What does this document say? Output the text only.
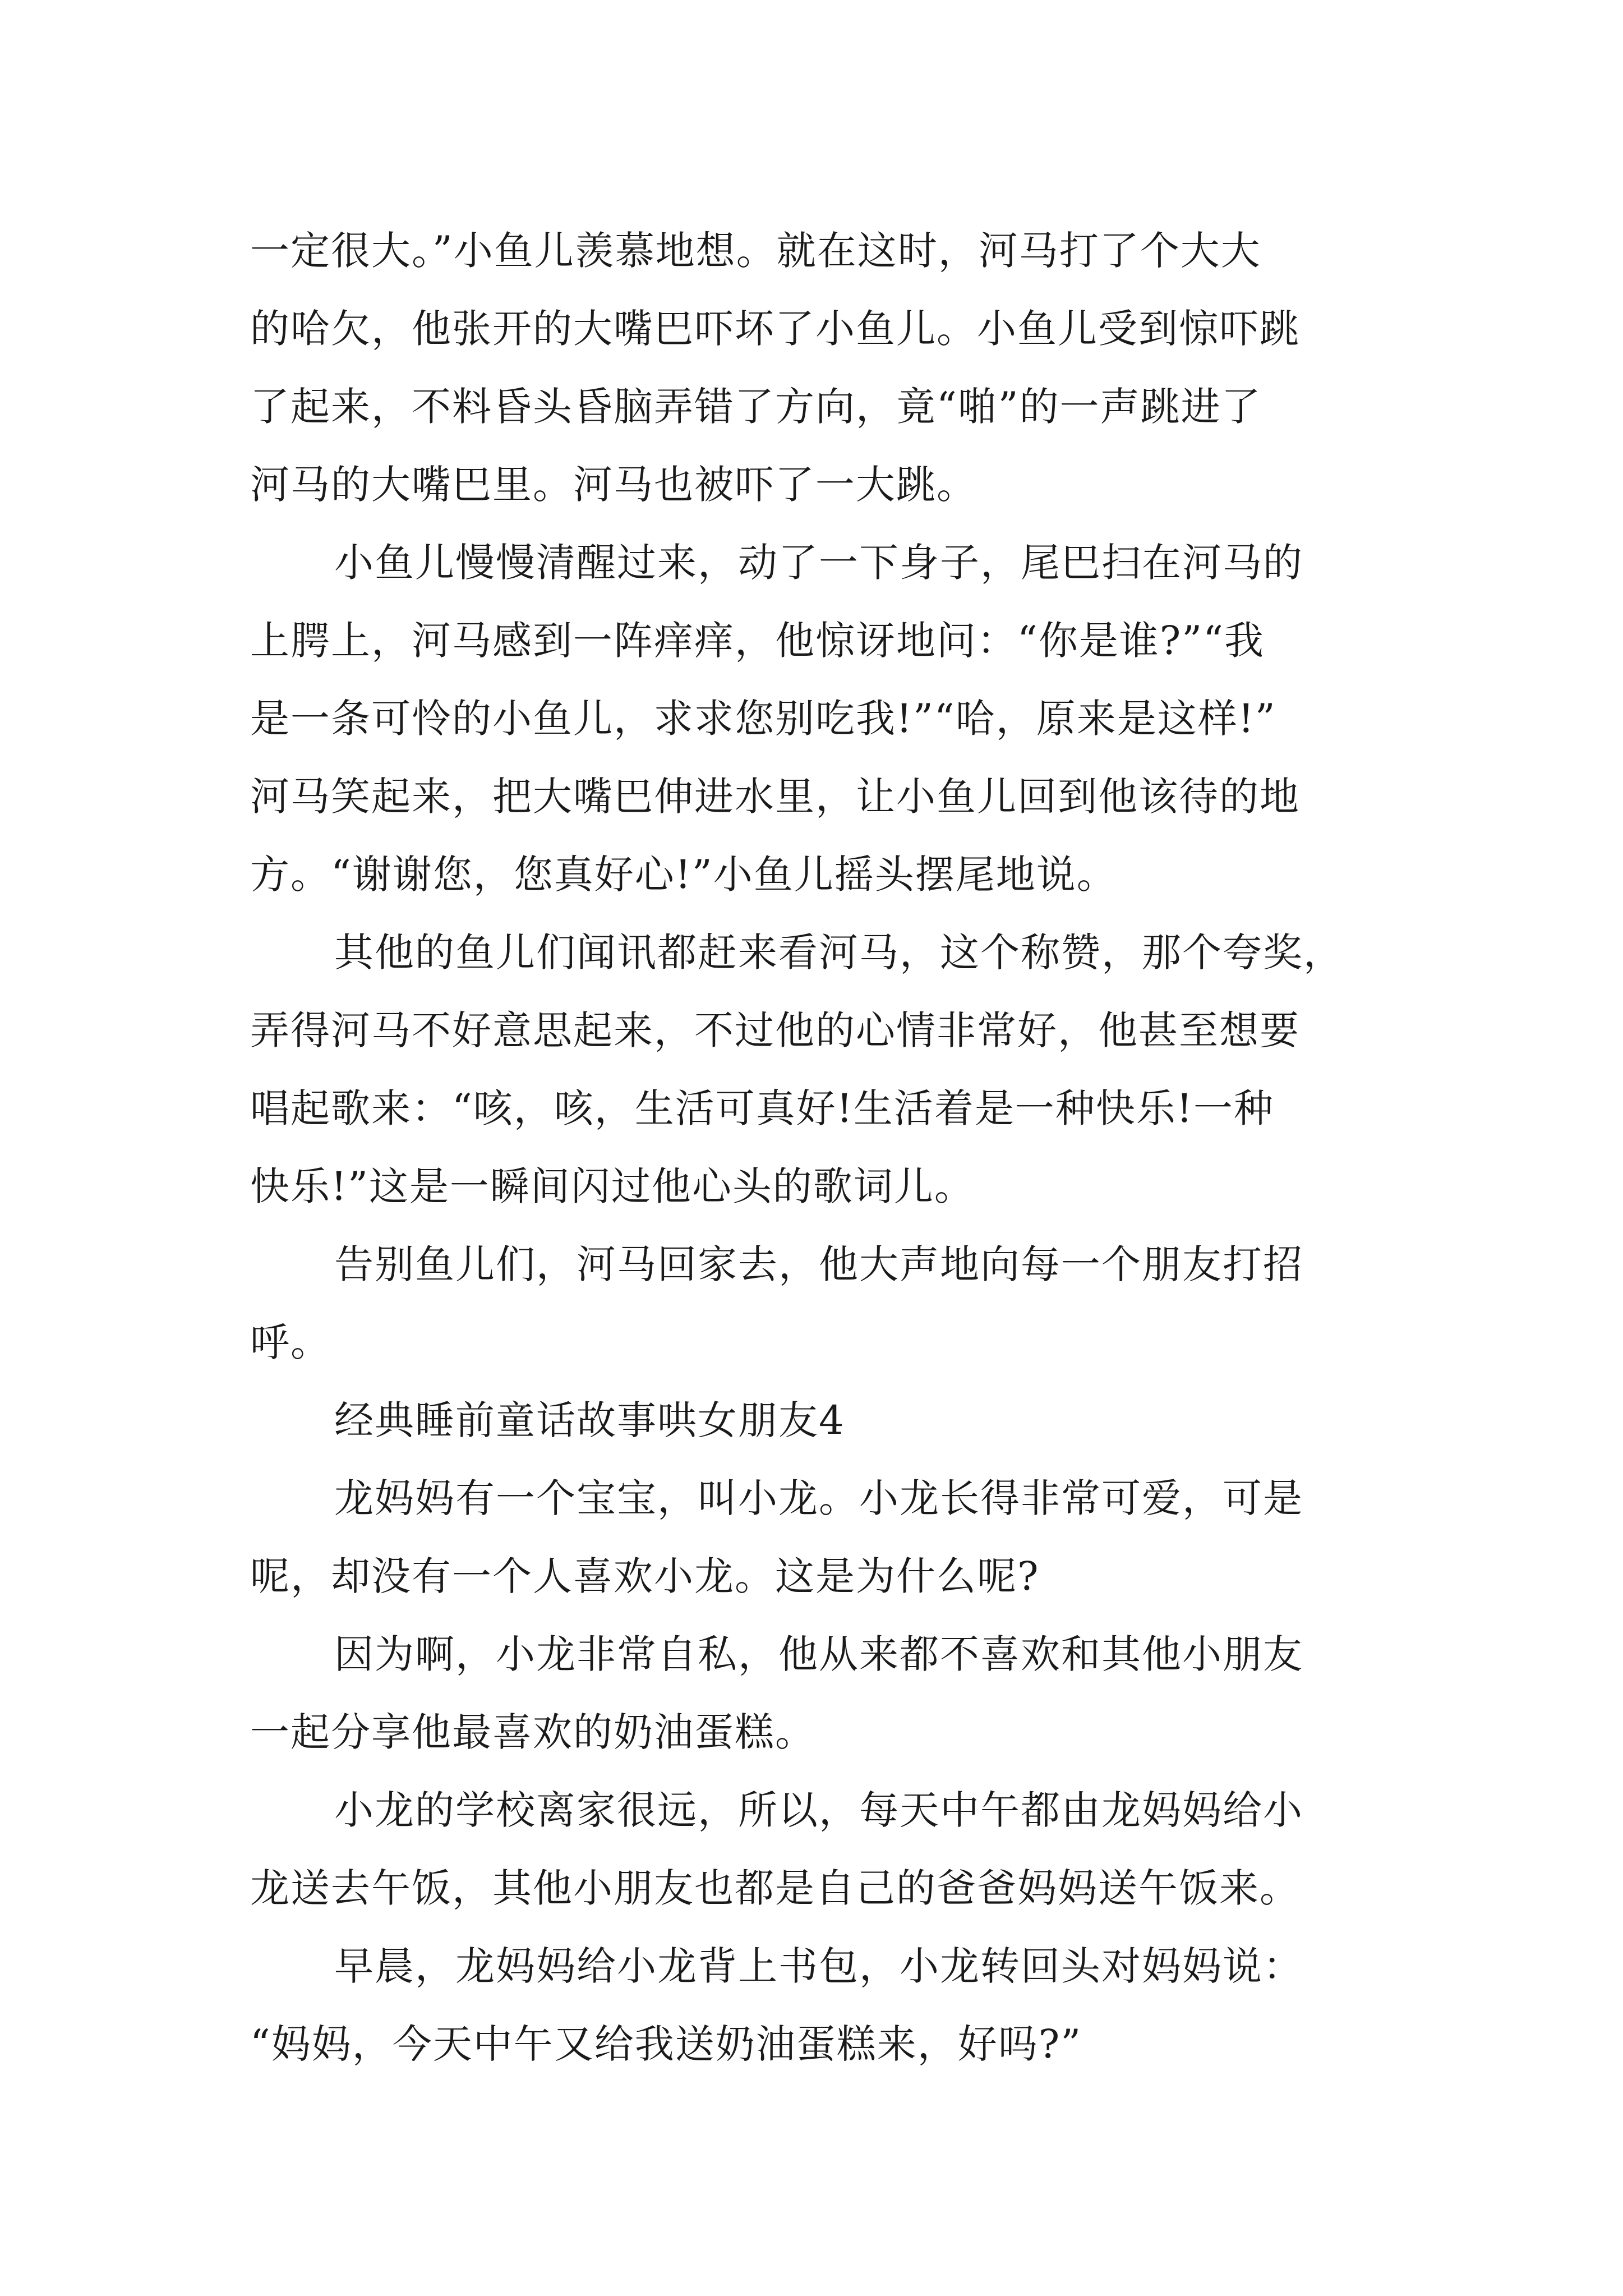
一定很大。”小鱼儿羡慕地想。就在这时，河马打了个大大
的哈欠，他张开的大嘴巴吓坏了小鱼儿。小鱼儿受到惊吓跳
了起来，不料昏头昏脑弄错了方向，竟“啪”的一声跳进了
河马的大嘴巴里。河马也被吓了一大跳。
小鱼儿慢慢清醒过来，动了一下身子，尾巴扫在河马的
上腭上，河马感到一阵痒痒，他惊讶地问：“你是谁?”“我
是一条可怜的小鱼儿，求求您别吃我!”“哈，原来是这样!”
河马笑起来，把大嘴巴伸进水里，让小鱼儿回到他该待的地
方。“谢谢您，您真好心!”小鱼儿摇头摆尾地说。
其他的鱼儿们闻讯都赶来看河马，这个称赞，那个夸奖，
弄得河马不好意思起来，不过他的心情非常好，他甚至想要
唱起歌来：“咳，咳，生活可真好!生活着是一种快乐!一种
快乐!”这是一瞬间闪过他心头的歌词儿。
告别鱼儿们，河马回家去，他大声地向每一个朋友打招
呼。
经典睡前童话故事哄女朋友4
龙妈妈有一个宝宝，叫小龙。小龙长得非常可爱，可是
呢，却没有一个人喜欢小龙。这是为什么呢?
因为啊，小龙非常自私，他从来都不喜欢和其他小朋友
一起分享他最喜欢的奶油蛋糕。
小龙的学校离家很远，所以，每天中午都由龙妈妈给小
龙送去午饭，其他小朋友也都是自己的爸爸妈妈送午饭来。
早晨，龙妈妈给小龙背上书包，小龙转回头对妈妈说：
“妈妈，今天中午又给我送奶油蛋糕来，好吗?”
